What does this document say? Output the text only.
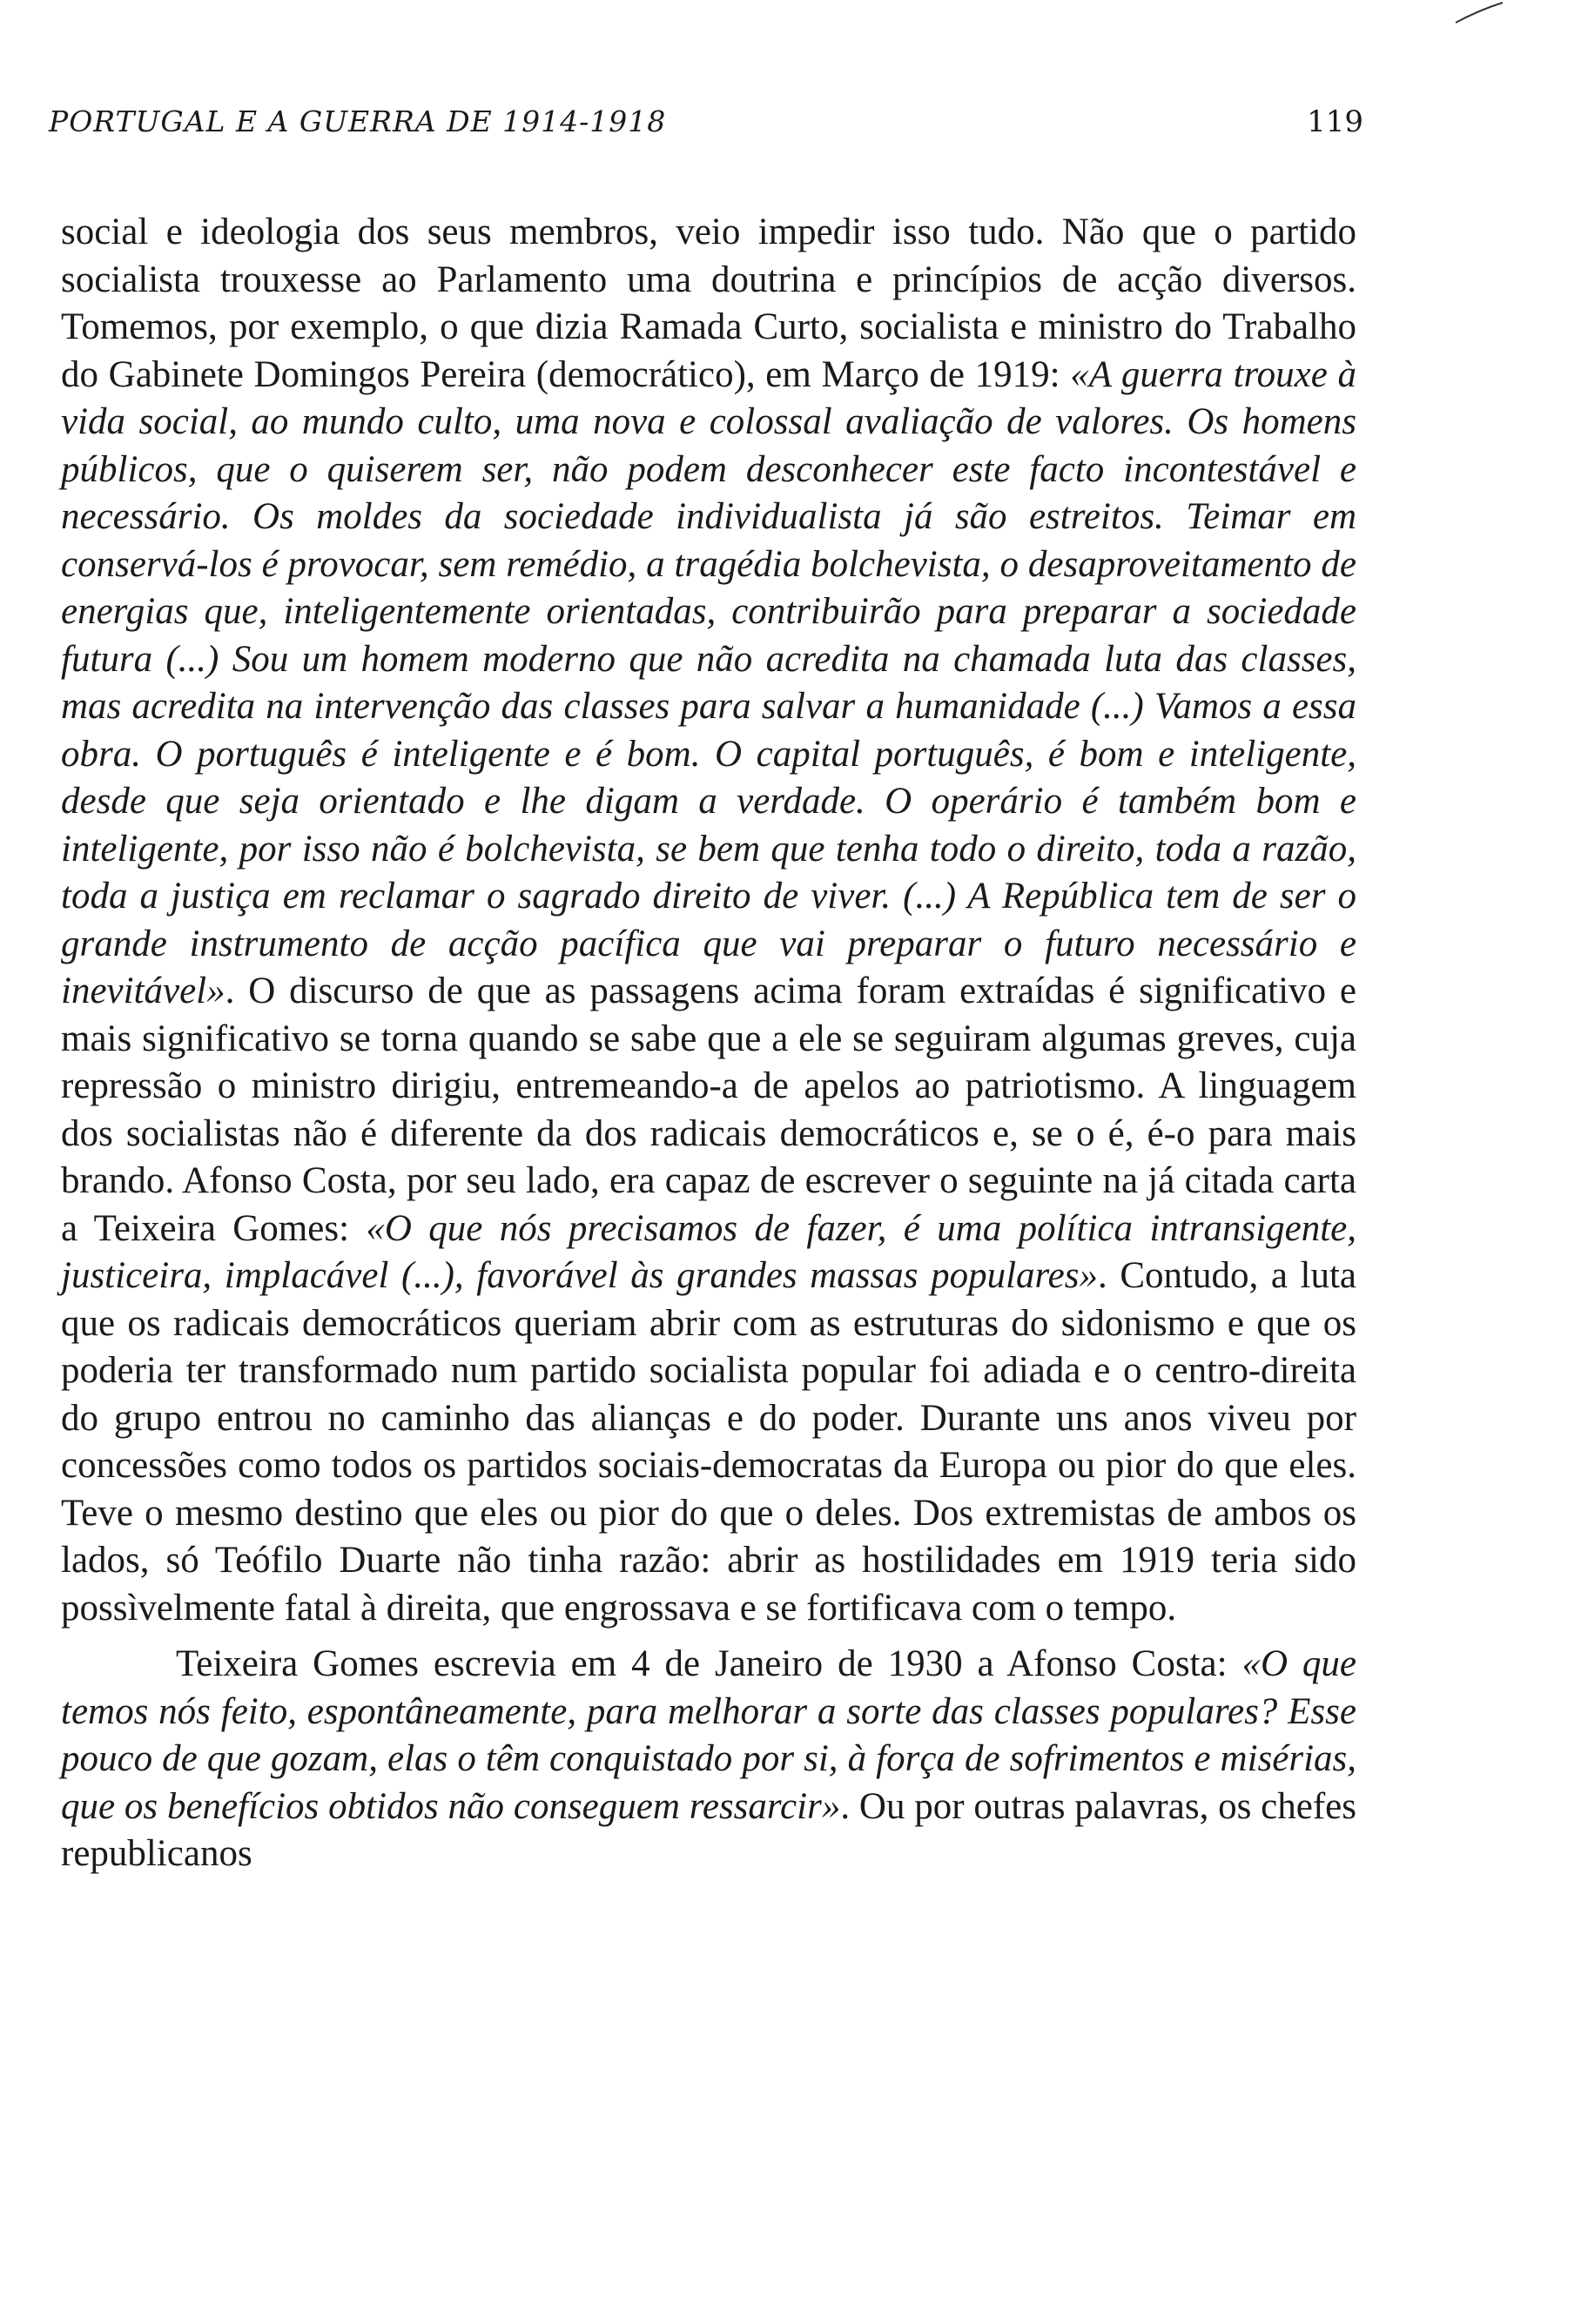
PORTUGAL E A GUERRA DE 1914-1918	119

social e ideologia dos seus membros, veio impedir isso tudo. Não que o partido socialista trouxesse ao Parlamento uma doutrina e princípios de acção diversos. Tomemos, por exemplo, o que dizia Ramada Curto, socialista e ministro do Trabalho do Gabinete Domingos Pereira (democrático), em Março de 1919: «A guerra trouxe à vida social, ao mundo culto, uma nova e colossal avaliação de valores. Os homens públicos, que o quiserem ser, não podem desconhecer este facto incontestável e necessário. Os moldes da sociedade individualista já são estreitos. Teimar em conservá-los é provocar, sem remédio, a tragédia bolchevista, o desaproveitamento de energias que, inteligentemente orientadas, contribuirão para preparar a sociedade futura (...) Sou um homem moderno que não acredita na chamada luta das classes, mas acredita na intervenção das classes para salvar a humanidade (...) Vamos a essa obra. O português é inteligente e é bom. O capital português, é bom e inteligente, desde que seja orientado e lhe digam a verdade. O operário é também bom e inteligente, por isso não é bolchevista, se bem que tenha todo o direito, toda a razão, toda a justiça em reclamar o sagrado direito de viver. (...) A República tem de ser o grande instrumento de acção pacífica que vai preparar o futuro necessário e inevitável». O discurso de que as passagens acima foram extraídas é significativo e mais significativo se torna quando se sabe que a ele se seguiram algumas greves, cuja repressão o ministro dirigiu, entremeando-a de apelos ao patriotismo. A linguagem dos socialistas não é diferente da dos radicais democráticos e, se o é, é-o para mais brando. Afonso Costa, por seu lado, era capaz de escrever o seguinte na já citada carta a Teixeira Gomes: «O que nós precisamos de fazer, é uma política intransigente, justiceira, implacável (...), favorável às grandes massas populares». Contudo, a luta que os radicais democráticos queriam abrir com as estruturas do sidonismo e que os poderia ter transformado num partido socialista popular foi adiada e o centro-direita do grupo entrou no caminho das alianças e do poder. Durante uns anos viveu por concessões como todos os partidos sociais-democratas da Europa ou pior do que eles. Teve o mesmo destino que eles ou pior do que o deles. Dos extremistas de ambos os lados, só Teófilo Duarte não tinha razão: abrir as hostilidades em 1919 teria sido possìvelmente fatal à direita, que engrossava e se fortificava com o tempo.

Teixeira Gomes escrevia em 4 de Janeiro de 1930 a Afonso Costa: «O que temos nós feito, espontâneamente, para melhorar a sorte das classes populares? Esse pouco de que gozam, elas o têm conquistado por si, à força de sofrimentos e misérias, que os benefícios obtidos não conseguem ressarcir». Ou por outras palavras, os chefes republicanos
